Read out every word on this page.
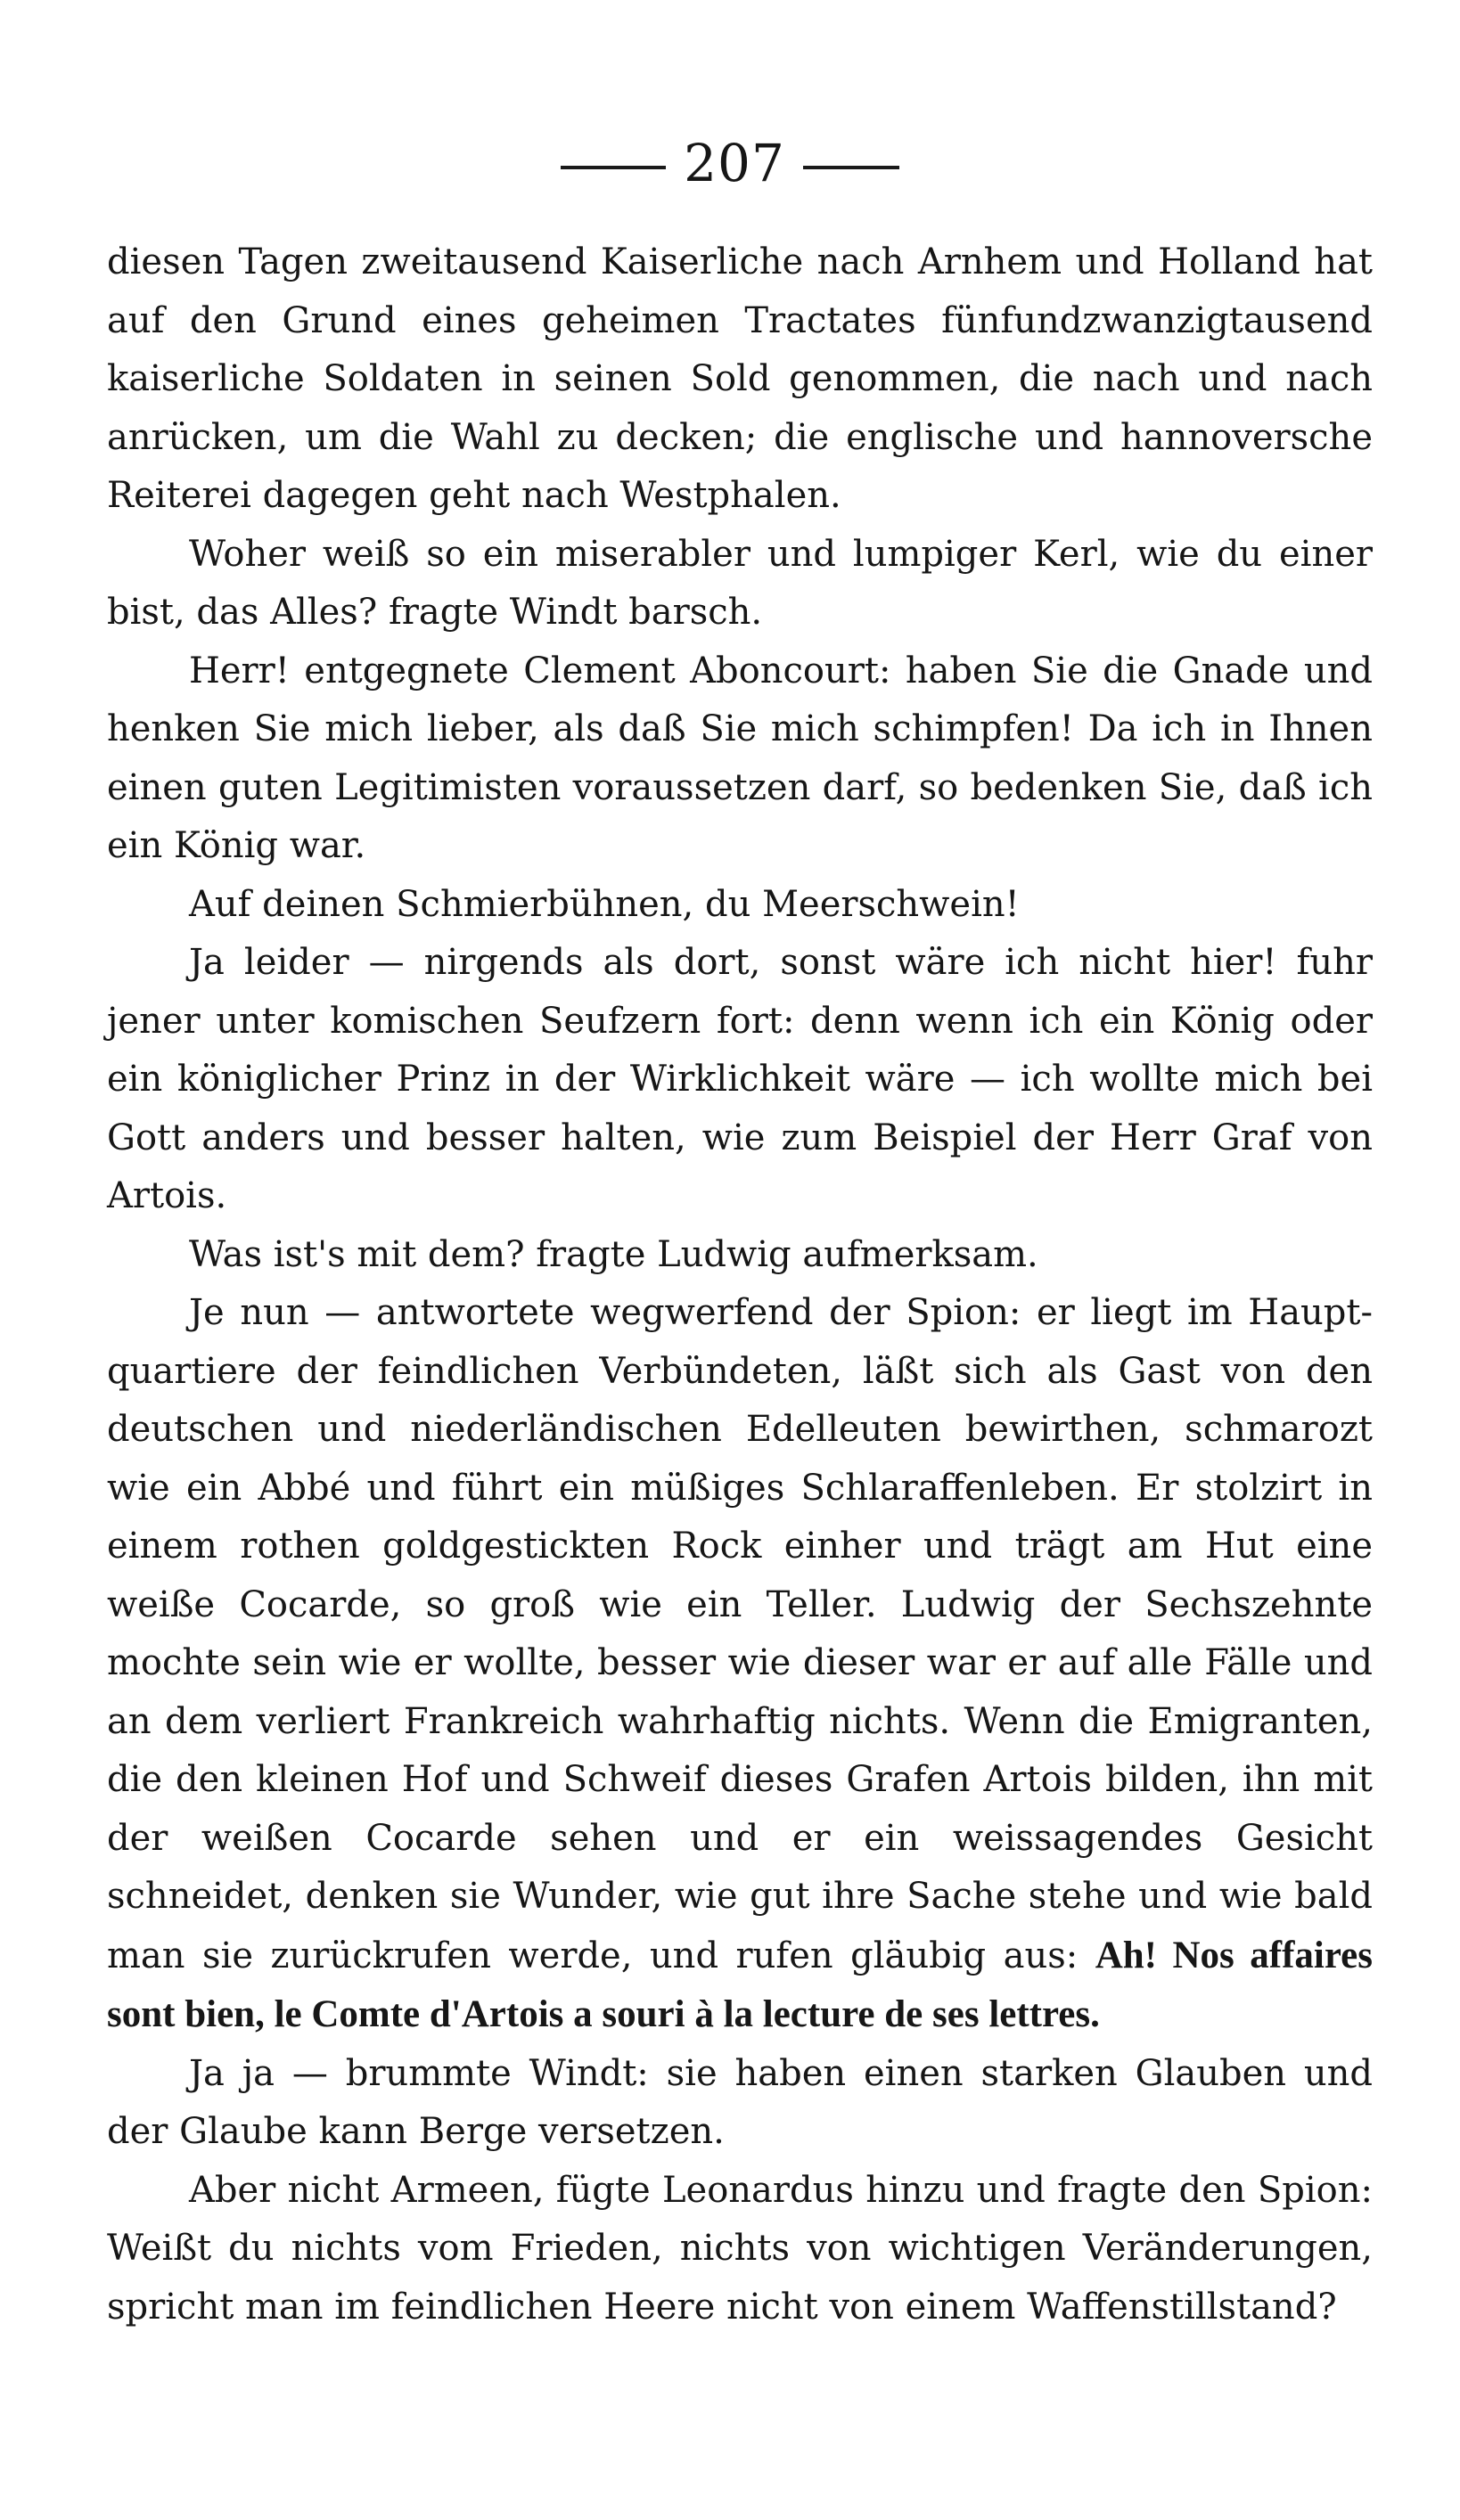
207

diesen Tagen zweitausend Kaiserliche nach Arnhem und Holland hat auf den Grund eines geheimen Tractates fünfundzwanzigtausend kaiserliche Soldaten in seinen Sold genommen, die nach und nach anrücken, um die Wahl zu decken; die englische und hannoversche Reiterei dagegen geht nach Westphalen.

Woher weiß so ein miserabler und lumpiger Kerl, wie du einer bist, das Alles? fragte Windt barsch.

Herr! entgegnete Clement Aboncourt: haben Sie die Gnade und henken Sie mich lieber, als daß Sie mich schimpfen! Da ich in Ihnen einen guten Legitimisten voraussetzen darf, so bedenken Sie, daß ich ein König war.

Auf deinen Schmierbühnen, du Meerschwein!

Ja leider — nirgends als dort, sonst wäre ich nicht hier! fuhr jener unter komischen Seufzern fort: denn wenn ich ein König oder ein königlicher Prinz in der Wirklichkeit wäre — ich wollte mich bei Gott anders und besser halten, wie zum Beispiel der Herr Graf von Artois.

Was ist's mit dem? fragte Ludwig aufmerksam.

Je nun — antwortete wegwerfend der Spion: er liegt im Hauptquartiere der feindlichen Verbündeten, läßt sich als Gast von den deutschen und niederländischen Edelleuten bewirthen, schmarozt wie ein Abbé und führt ein müßiges Schlaraffenleben. Er stolzirt in einem rothen goldgestickten Rock einher und trägt am Hut eine weiße Cocarde, so groß wie ein Teller. Ludwig der Sechszehnte mochte sein wie er wollte, besser wie dieser war er auf alle Fälle und an dem verliert Frankreich wahrhaftig nichts. Wenn die Emigranten, die den kleinen Hof und Schweif dieses Grafen Artois bilden, ihn mit der weißen Cocarde sehen und er ein weissagendes Gesicht schneidet, denken sie Wunder, wie gut ihre Sache stehe und wie bald man sie zurückrufen werde, und rufen gläubig aus: Ah! Nos affaires sont bien, le Comte d'Artois a souri à la lecture de ses lettres.

Ja ja — brummte Windt: sie haben einen starken Glauben und der Glaube kann Berge versetzen.

Aber nicht Armeen, fügte Leonardus hinzu und fragte den Spion: Weißt du nichts vom Frieden, nichts von wichtigen Veränderungen, spricht man im feindlichen Heere nicht von einem Waffenstillstand?
